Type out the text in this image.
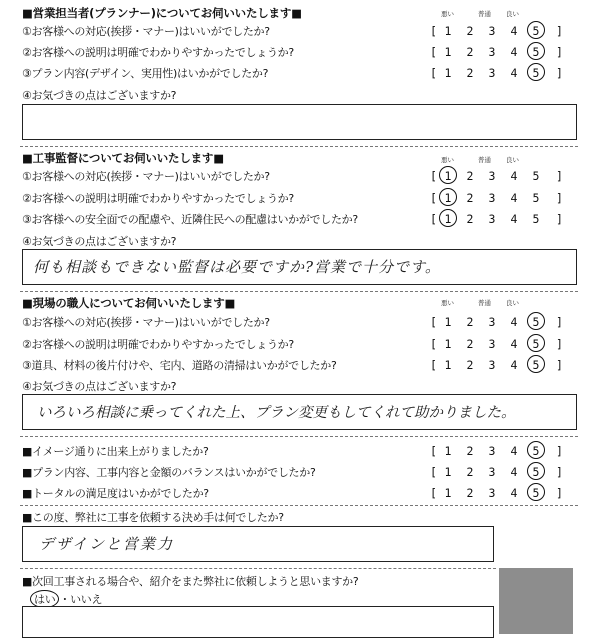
■営業担当者(プランナー)についてお伺いいたします■	悪い	普通 良い
①お客様への対応(挨拶・マナー)はいいがでしたか?	[ 1 2 3 4 5 ]
②お客様への説明は明確でわかりやすかったでしょうか?	[ 1 2 3 4 5 ]
③プラン内容(デザイン、実用性)はいかがでしたか?	[ 1 2 3 4 5 ]
④お気づきの点はございますか?
■工事監督についてお伺いいたします■	悪い	普通 良い
①お客様への対応(挨拶・マナー)はいいがでしたか?	[ 1 2 3 4 5 ]
②お客様への説明は明確でわかりやすかったでしょうか?	[ 1 2 3 4 5 ]
③お客様への安全面での配慮や、近隣住民への配慮はいかがでしたか?	[ 1 2 3 4 5 ]
④お気づきの点はございますか?
何も相談もできない監督は必要ですか?営業で十分です。
■現場の職人についてお伺いいたします■	悪い	普通 良い
①お客様への対応(挨拶・マナー)はいいがでしたか?	[ 1 2 3 4 5 ]
②お客様への説明は明確でわかりやすかったでしょうか?	[ 1 2 3 4 5 ]
③道具、材料の後片付けや、宅内、道路の清掃はいかがでしたか?	[ 1 2 3 4 5 ]
④お気づきの点はございますか?
いろいろ相談に乗ってくれた上、プラン変更もしてくれて助かりました。
■イメージ通りに出来上がりましたか?	[ 1 2 3 4 5 ]
■プラン内容、工事内容と金額のバランスはいかがでしたか?	[ 1 2 3 4 5 ]
■トータルの満足度はいかがでしたか?	[ 1 2 3 4 5 ]
■この度、弊社に工事を依頼する決め手は何でしたか?
デザインと営業力
■次回工事される場合や、紹介をまた弊社に依頼しようと思いますか?
はい ・いいえ
